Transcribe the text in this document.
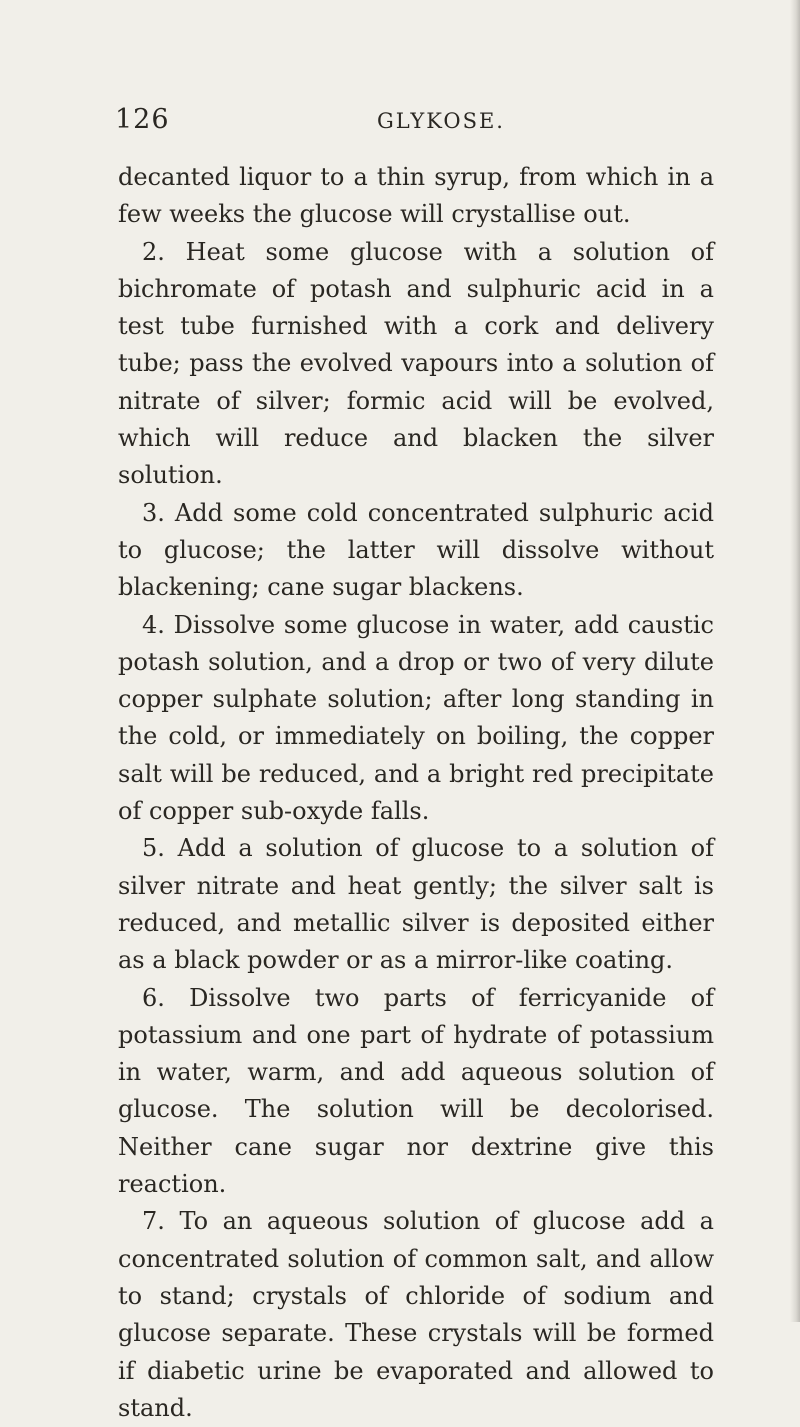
126	GLYKOSE.

decanted liquor to a thin syrup, from which in a few weeks the glucose will crystallise out.

2. Heat some glucose with a solution of bichromate of potash and sulphuric acid in a test tube furnished with a cork and delivery tube; pass the evolved vapours into a solution of nitrate of silver; formic acid will be evolved, which will reduce and blacken the silver solution.

3. Add some cold concentrated sulphuric acid to glucose; the latter will dissolve without blackening; cane sugar blackens.

4. Dissolve some glucose in water, add caustic potash solution, and a drop or two of very dilute copper sulphate solution; after long standing in the cold, or immediately on boiling, the copper salt will be reduced, and a bright red precipitate of copper sub-oxyde falls.

5. Add a solution of glucose to a solution of silver nitrate and heat gently; the silver salt is reduced, and metallic silver is deposited either as a black powder or as a mirror-like coating.

6. Dissolve two parts of ferricyanide of potassium and one part of hydrate of potassium in water, warm, and add aqueous solution of glucose. The solution will be decolorised. Neither cane sugar nor dextrine give this reaction.

7. To an aqueous solution of glucose add a concentrated solution of common salt, and allow to stand; crystals of chloride of sodium and glucose separate. These crystals will be formed if diabetic urine be evaporated and allowed to stand.
